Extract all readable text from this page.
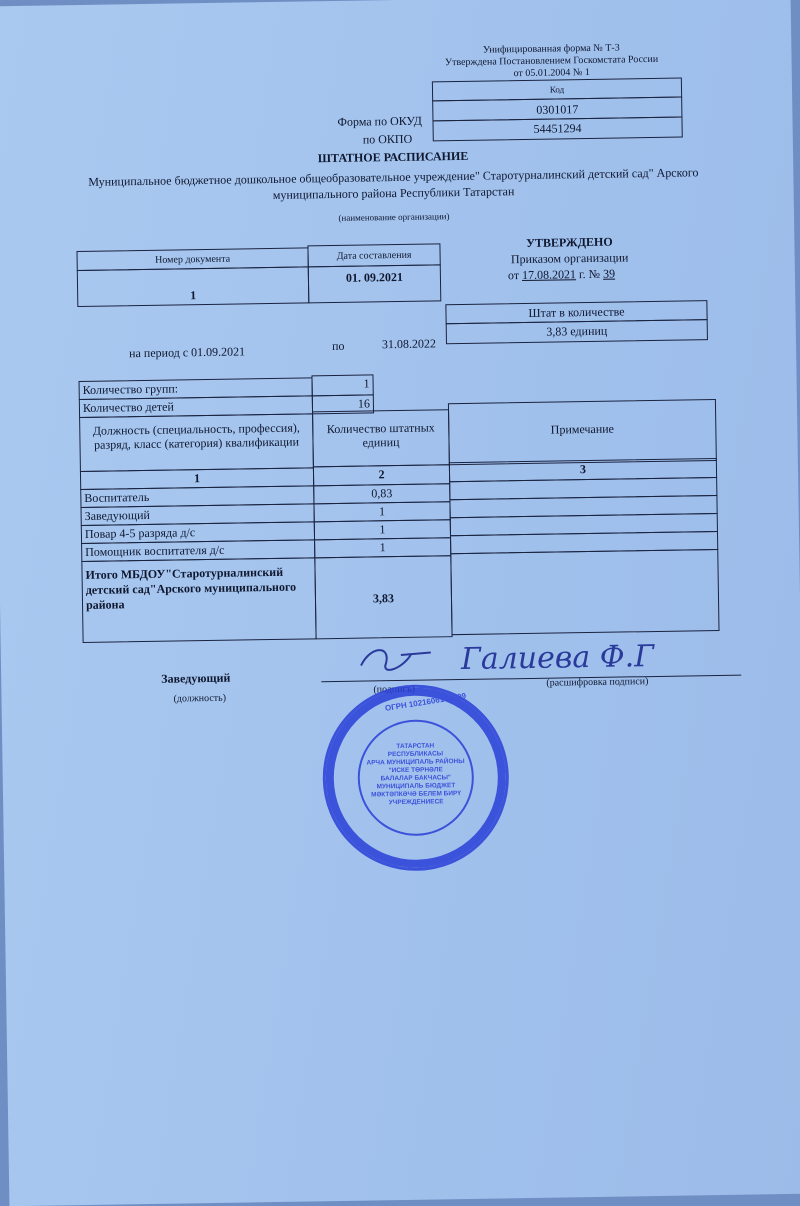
Унифицированная форма № Т-3
Утверждена Постановлением Госкомстата России
от 05.01.2004 № 1
Код
0301017
54451294
Форма по ОКУД
по ОКПО
ШТАТНОЕ РАСПИСАНИЕ
Муниципальное бюджетное дошкольное общеобразовательное учреждение" Старотурналинский детский сад" Арского
муниципального района Республики Татарстан
(наименование организации)
Номер документа	Дата составления
1
01. 09.2021
УТВЕРЖДЕНО
Приказом организации
от 17.08.2021 г. № 39
Штат в количестве
3,83 единиц
на период с 01.09.2021	по	31.08.2022
Количество групп:	1
Количество детей	16
Должность (специальность, профессия), разряд, класс (категория) квалификации
Количество штатных единиц
Примечание
1	2	3
Воспитатель	0,83
Заведующий	1
Повар 4-5 разряда д/с	1
Помощник воспитателя д/с	1
Итого МБДОУ"Старотурналинский детский сад"Арского муниципального района	3,83
Заведующий
(должность)
(подпись)
(расшифровка подписи)
Галиева Ф.Г
ОГРН 1021606158009
ТАТАРСТАН
РЕСПУБЛИКАСЫ
АРЧА МУНИЦИПАЛЬ РАЙОНЫ
"ИСКЕ ТӨРНӘЛЕ
БАЛАЛАР БАКЧАСЫ"
МУНИЦИПАЛЬ БЮДЖЕТ
МӘКТӘПКӘЧӘ БЕЛЕМ БИРҮ
УЧРЕЖДЕНИЕСЕ
